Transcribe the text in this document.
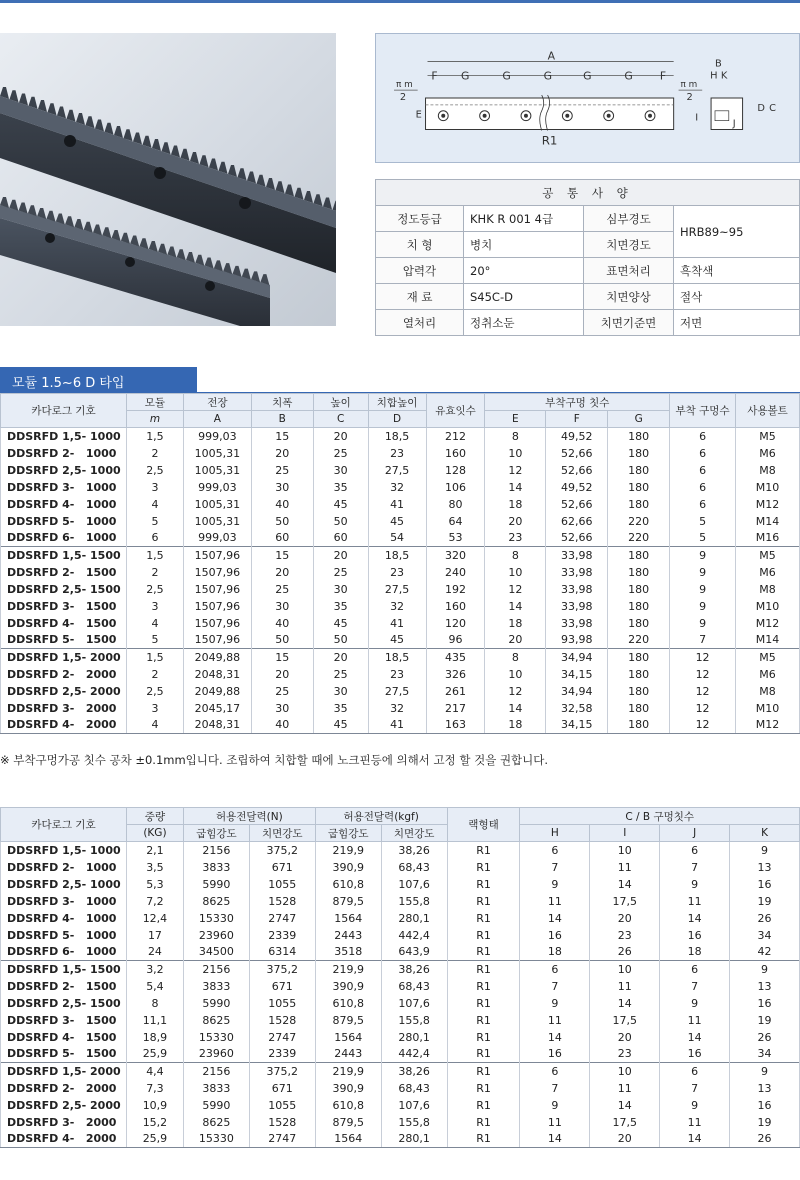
A
F G	G	G	G	G F
π m
2
π m
2
E
B
H K
D C
I
J
R1
공 통 사 양			
정도등급	KHK R 001 4급	심부경도	HRB89~95
치 형	병치	치면경도	
압력각	20°	표면처리	흑착색
재 료	S45C-D	치면양상	절삭
열처리	정취소둔	치면기준면	저면
모듈 1.5~6 D 타입
카다로그 기호	모듈	전장	치폭	높이	치합높이	유효잇수	부착구멍 칫수			부착 구멍수	사용볼트
	m	A	B	C	D		E	F	G		
DDSRFD 1,5- 1000	1,5	999,03	15	20	18,5	212	8	49,52	180	6	M5
DDSRFD 2-   1000	2	1005,31	20	25	23	160	10	52,66	180	6	M6
DDSRFD 2,5- 1000	2,5	1005,31	25	30	27,5	128	12	52,66	180	6	M8
DDSRFD 3-   1000	3	999,03	30	35	32	106	14	49,52	180	6	M10
DDSRFD 4-   1000	4	1005,31	40	45	41	80	18	52,66	180	6	M12
DDSRFD 5-   1000	5	1005,31	50	50	45	64	20	62,66	220	5	M14
DDSRFD 6-   1000	6	999,03	60	60	54	53	23	52,66	220	5	M16
DDSRFD 1,5- 1500	1,5	1507,96	15	20	18,5	320	8	33,98	180	9	M5
DDSRFD 2-   1500	2	1507,96	20	25	23	240	10	33,98	180	9	M6
DDSRFD 2,5- 1500	2,5	1507,96	25	30	27,5	192	12	33,98	180	9	M8
DDSRFD 3-   1500	3	1507,96	30	35	32	160	14	33,98	180	9	M10
DDSRFD 4-   1500	4	1507,96	40	45	41	120	18	33,98	180	9	M12
DDSRFD 5-   1500	5	1507,96	50	50	45	96	20	93,98	220	7	M14
DDSRFD 1,5- 2000	1,5	2049,88	15	20	18,5	435	8	34,94	180	12	M5
DDSRFD 2-   2000	2	2048,31	20	25	23	326	10	34,15	180	12	M6
DDSRFD 2,5- 2000	2,5	2049,88	25	30	27,5	261	12	34,94	180	12	M8
DDSRFD 3-   2000	3	2045,17	30	35	32	217	14	32,58	180	12	M10
DDSRFD 4-   2000	4	2048,31	40	45	41	163	18	34,15	180	12	M12
※ 부착구멍가공 칫수 공차 ±0.1mm입니다. 조립하여 치합할 때에 노크핀등에 의해서 고정 할 것을 권합니다.
카다로그 기호	중량	허용전달력(N)		허용전달력(kgf)		랙형태	C / B 구멍칫수			
	(KG)	굽힘강도	치면강도	굽힘강도	치면강도		H	I	J	K
DDSRFD 1,5- 1000	2,1	2156	375,2	219,9	38,26	R1	6	10	6	9
DDSRFD 2-   1000	3,5	3833	671	390,9	68,43	R1	7	11	7	13
DDSRFD 2,5- 1000	5,3	5990	1055	610,8	107,6	R1	9	14	9	16
DDSRFD 3-   1000	7,2	8625	1528	879,5	155,8	R1	11	17,5	11	19
DDSRFD 4-   1000	12,4	15330	2747	1564	280,1	R1	14	20	14	26
DDSRFD 5-   1000	17	23960	2339	2443	442,4	R1	16	23	16	34
DDSRFD 6-   1000	24	34500	6314	3518	643,9	R1	18	26	18	42
DDSRFD 1,5- 1500	3,2	2156	375,2	219,9	38,26	R1	6	10	6	9
DDSRFD 2-   1500	5,4	3833	671	390,9	68,43	R1	7	11	7	13
DDSRFD 2,5- 1500	8	5990	1055	610,8	107,6	R1	9	14	9	16
DDSRFD 3-   1500	11,1	8625	1528	879,5	155,8	R1	11	17,5	11	19
DDSRFD 4-   1500	18,9	15330	2747	1564	280,1	R1	14	20	14	26
DDSRFD 5-   1500	25,9	23960	2339	2443	442,4	R1	16	23	16	34
DDSRFD 1,5- 2000	4,4	2156	375,2	219,9	38,26	R1	6	10	6	9
DDSRFD 2-   2000	7,3	3833	671	390,9	68,43	R1	7	11	7	13
DDSRFD 2,5- 2000	10,9	5990	1055	610,8	107,6	R1	9	14	9	16
DDSRFD 3-   2000	15,2	8625	1528	879,5	155,8	R1	11	17,5	11	19
DDSRFD 4-   2000	25,9	15330	2747	1564	280,1	R1	14	20	14	26
